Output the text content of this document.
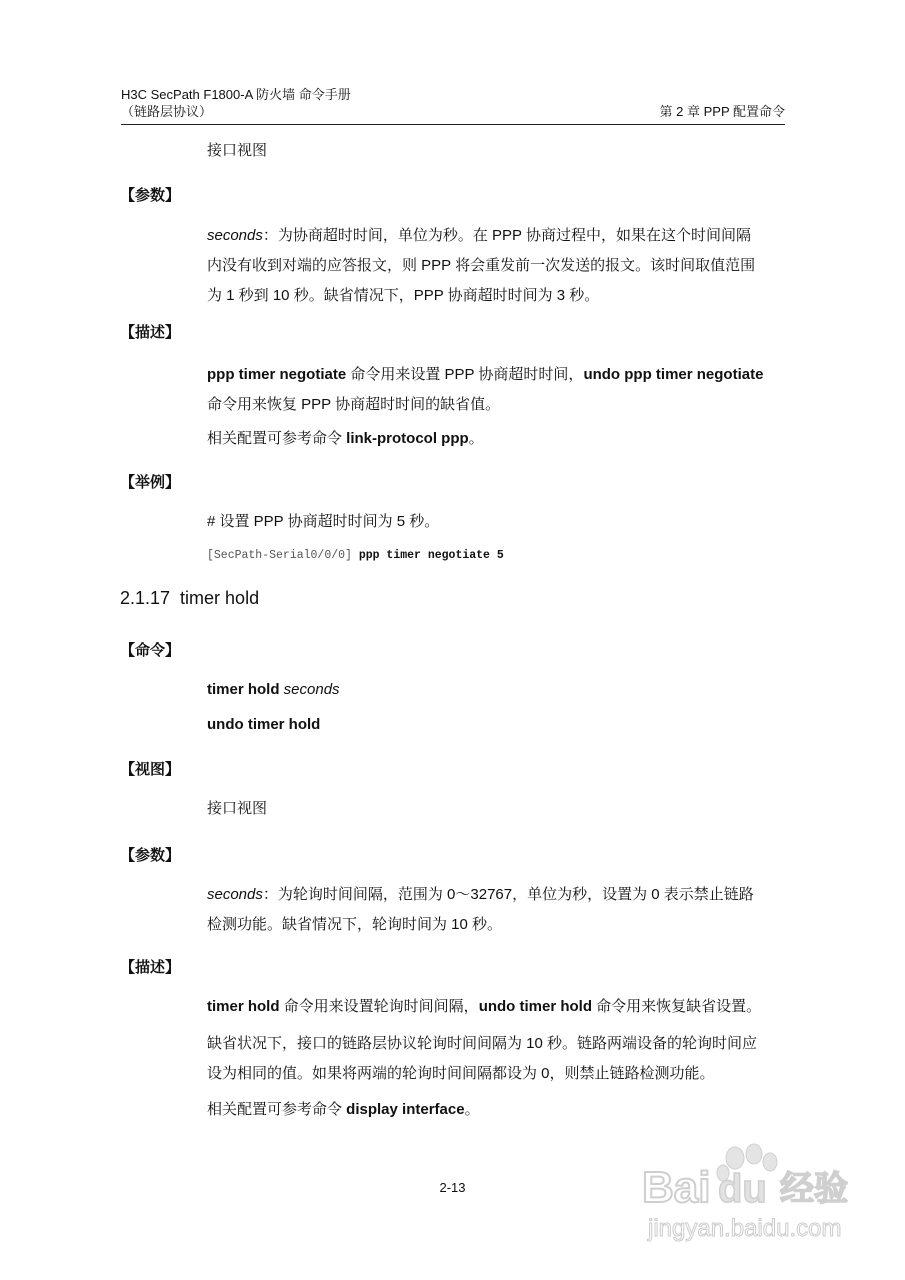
H3C SecPath F1800-A 防火墙 命令手册
（链路层协议）	第 2 章 PPP 配置命令
接口视图
【参数】
seconds：为协商超时时间，单位为秒。在 PPP 协商过程中，如果在这个时间间隔
内没有收到对端的应答报文，则 PPP 将会重发前一次发送的报文。该时间取值范围
为 1 秒到 10 秒。缺省情况下，PPP 协商超时时间为 3 秒。
【描述】
ppp timer negotiate 命令用来设置 PPP 协商超时时间，undo ppp timer negotiate
命令用来恢复 PPP 协商超时时间的缺省值。
相关配置可参考命令 link-protocol ppp。
【举例】
# 设置 PPP 协商超时时间为 5 秒。
[SecPath-Serial0/0/0] ppp timer negotiate 5
2.1.17 timer hold
【命令】
timer hold seconds
undo timer hold
【视图】
接口视图
【参数】
seconds：为轮询时间间隔，范围为 0～32767，单位为秒，设置为 0 表示禁止链路
检测功能。缺省情况下，轮询时间为 10 秒。
【描述】
timer hold 命令用来设置轮询时间间隔，undo timer hold 命令用来恢复缺省设置。
缺省状况下，接口的链路层协议轮询时间间隔为 10 秒。链路两端设备的轮询时间应
设为相同的值。如果将两端的轮询时间间隔都设为 0，则禁止链路检测功能。
相关配置可参考命令 display interface。
2-13	Bai du 经验
jingyan.baidu.com
